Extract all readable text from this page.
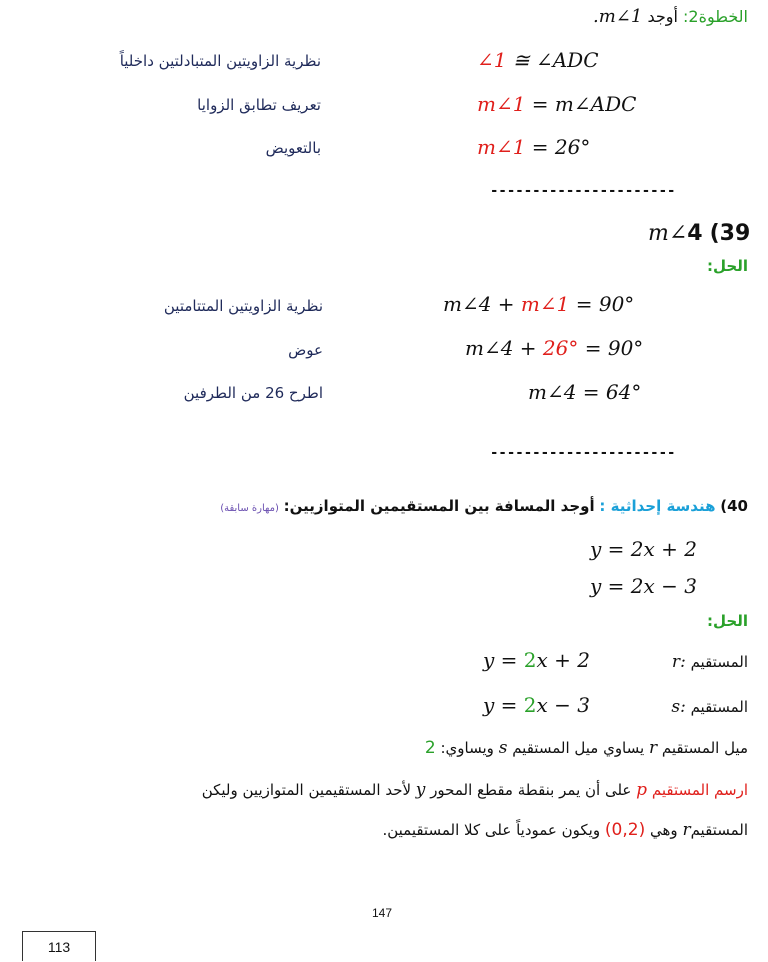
الخطوة2: أوجد m∠1.
∠1 ≅ ∠ADC
نظرية الزاويتين المتبادلتين داخلياً
m∠1 = m∠ADC
تعريف تطابق الزوايا
m∠1 = 26°
بالتعويض
----------------------
m∠4 (39
الحل:
m∠4 + m∠1 = 90°
نظرية الزاويتين المتتامتين
m∠4 + 26° = 90°
عوض
m∠4 = 64°
اطرح 26 من الطرفين
----------------------
40) هندسة إحداثية : أوجد المسافة بين المستقيمين المتوازيين: (مهارة سابقة)
y = 2x + 2
y = 2x − 3
الحل:
المستقيم :r
y = 2x + 2
المستقيم :s
y = 2x − 3
ميل المستقيم r يساوي ميل المستقيم s ويساوي: 2
ارسم المستقيم p على أن يمر بنقطة مقطع المحور y لأحد المستقيمين المتوازيين وليكن
المستقيمr وهي (0,2) ويكون عمودياً على كلا المستقيمين.
147
113
